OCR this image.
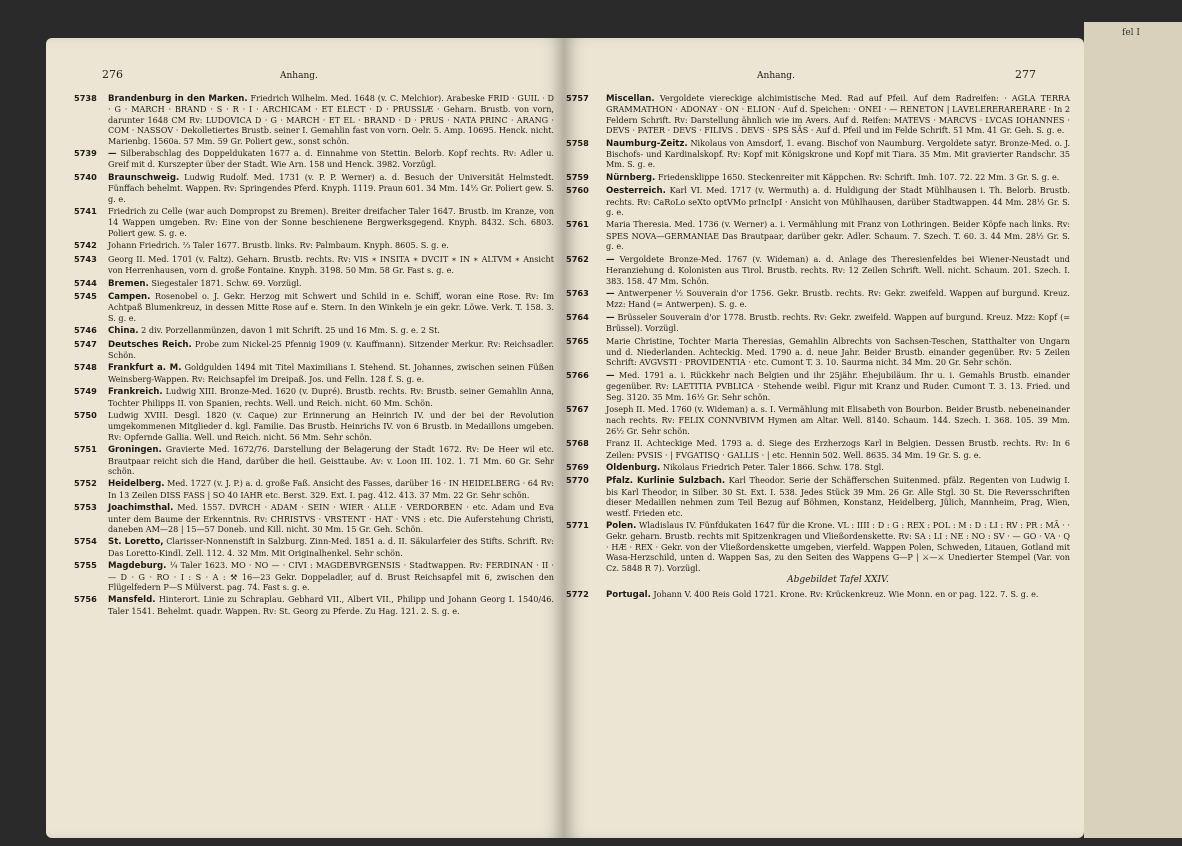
276	Anhang.
5738	Brandenburg in den Marken. Friedrich Wilhelm. Med. 1648 (v. C. Melchior). Arabeske FRID · GUIL · D · G · MARCH · BRAND · S · R · I · ARCHICAM · ET ELECT · D · PRUSSIÆ · Geharn. Brustb. von vorn, darunter 1648 CM Rv: LUDOVICA D · G · MARCH · ET EL · BRAND · D · PRUS · NATA PRINC · ARANG · COM · NASSOV · Dekolletiertes Brustb. seiner I. Gemahlin fast von vorn. Oelr. 5. Amp. 10695. Henck. nicht. Marienbg. 1560a. 57 Mm. 59 Gr. Poliert gew., sonst schön.
5739	— Silberabschlag des Doppeldukaten 1677 a. d. Einnahme von Stettin. Belorb. Kopf rechts. Rv: Adler u. Greif mit d. Kurszepter über der Stadt. Wie Arn. 158 und Henck. 3982. Vorzügl.
5740	Braunschweig. Ludwig Rudolf. Med. 1731 (v. P. P. Werner) a. d. Besuch der Universität Helmstedt. Fünffach behelmt. Wappen. Rv: Springendes Pferd. Knyph. 1119. Praun 601. 34 Mm. 14½ Gr. Poliert gew. S. g. e.
5741	Friedrich zu Celle (war auch Dompropst zu Bremen). Breiter dreifacher Taler 1647. Brustb. im Kranze, von 14 Wappen umgeben. Rv: Eine von der Sonne beschienene Bergwerksgegend. Knyph. 8432. Sch. 6803. Poliert gew. S. g. e.
5742	Johann Friedrich. ⅔ Taler 1677. Brustb. links. Rv: Palmbaum. Knyph. 8605. S. g. e.
5743	Georg II. Med. 1701 (v. Faltz). Geharn. Brustb. rechts. Rv: VIS ∗ INSITA ∗ DVCIT ∗ IN ∗ ALTVM ∗ Ansicht von Herrenhausen, vorn d. große Fontaine. Knyph. 3198. 50 Mm. 58 Gr. Fast s. g. e.
5744	Bremen. Siegestaler 1871. Schw. 69. Vorzügl.
5745	Campen. Rosenobel o. J. Gekr. Herzog mit Schwert und Schild in e. Schiff, woran eine Rose. Rv: Im Achtpaß Blumenkreuz, in dessen Mitte Rose auf e. Stern. In den Winkeln je ein gekr. Löwe. Verk. T. 158. 3. S. g. e.
5746	China. 2 div. Porzellanmünzen, davon 1 mit Schrift. 25 und 16 Mm. S. g. e. 2 St.
5747	Deutsches Reich. Probe zum Nickel-25 Pfennig 1909 (v. Kauffmann). Sitzender Merkur. Rv: Reichsadler. Schön.
5748	Frankfurt a. M. Goldgulden 1494 mit Titel Maximilians I. Stehend. St. Johannes, zwischen seinen Füßen Weinsberg-Wappen. Rv: Reichsapfel im Dreipaß. Jos. und Felln. 128 f. S. g. e.
5749	Frankreich. Ludwig XIII. Bronze-Med. 1620 (v. Dupré). Brustb. rechts. Rv: Brustb. seiner Gemahlin Anna, Tochter Philipps II. von Spanien, rechts. Well. und Reich. nicht. 60 Mm. Schön.
5750	Ludwig XVIII. Desgl. 1820 (v. Caque) zur Erinnerung an Heinrich IV. und der bei der Revolution umgekommenen Mitglieder d. kgl. Familie. Das Brustb. Heinrichs IV. von 6 Brustb. in Medaillons umgeben. Rv: Opfernde Gallia. Well. und Reich. nicht. 56 Mm. Sehr schön.
5751	Groningen. Gravierte Med. 1672/76. Darstellung der Belagerung der Stadt 1672. Rv: De Heer wil etc. Brautpaar reicht sich die Hand, darüber die heil. Geisttaube. Av: v. Loon III. 102. 1. 71 Mm. 60 Gr. Sehr schön.
5752	Heidelberg. Med. 1727 (v. J. P.) a. d. große Faß. Ansicht des Fasses, darüber 16 · IN HEIDELBERG · 64 Rv: In 13 Zeilen DISS FASS | SO 40 IAHR etc. Berst. 329. Ext. I. pag. 412. 413. 37 Mm. 22 Gr. Sehr schön.
5753	Joachimsthal. Med. 1557. DVRCH · ADAM · SEIN · WIER · ALLE · VERDORBEN · etc. Adam und Eva unter dem Baume der Erkenntnis. Rv: CHRISTVS · VRSTENT · HAT · VNS : etc. Die Auferstehung Christi, daneben AM—28 | 15—57 Doneb. und Kill. nicht. 30 Mm. 15 Gr. Geh. Schön.
5754	St. Loretto, Clarisser-Nonnenstift in Salzburg. Zinn-Med. 1851 a. d. II. Säkularfeier des Stifts. Schrift. Rv: Das Loretto-Kindl. Zell. 112. 4. 32 Mm. Mit Originalhenkel. Sehr schön.
5755	Magdeburg. ¼ Taler 1623. MO · NO — · CIVI : MAGDEBVRGENSIS · Stadtwappen. Rv: FERDINAN · II · — D · G · RO · I : S · A : ⚒ 16—23 Gekr. Doppeladler, auf d. Brust Reichsapfel mit 6, zwischen den Flügelfedern P—S Mülverst. pag. 74. Fast s. g. e.
5756	Mansfeld. Hinterort. Linie zu Schraplau. Gebhard VII., Albert VII., Philipp und Johann Georg I. 1540/46. Taler 1541. Behelmt. quadr. Wappen. Rv: St. Georg zu Pferde. Zu Hag. 121. 2. S. g. e.
Anhang.	277
5757	Miscellan. Vergoldete viereckige alchimistische Med. Rad auf Pfeil. Auf dem Radreifen: · AGLA TERRA GRAMMATHON · ADONAY · ON · ELION · Auf d. Speichen: · ONEI · — RENETON | LAVELERERARERARE · In 2 Feldern Schrift. Rv: Darstellung ähnlich wie im Avers. Auf d. Reifen: MATEVS · MARCVS · LVCAS IOHANNES · DEVS · PATER · DEVS · FILIVS . DEVS · SPS SĀS · Auf d. Pfeil und im Felde Schrift. 51 Mm. 41 Gr. Geh. S. g. e.
5758	Naumburg-Zeitz. Nikolaus von Amsdorf, 1. evang. Bischof von Naumburg. Vergoldete satyr. Bronze-Med. o. J. Bischofs- und Kardinalskopf. Rv: Kopf mit Königskrone und Kopf mit Tiara. 35 Mm. Mit gravierter Randschr. 35 Mm. S. g. e.
5759	Nürnberg. Friedensklippe 1650. Steckenreiter mit Käppchen. Rv: Schrift. Imh. 107. 72. 22 Mm. 3 Gr. S. g. e.
5760	Oesterreich. Karl VI. Med. 1717 (v. Wermuth) a. d. Huldigung der Stadt Mühlhausen i. Th. Belorb. Brustb. rechts. Rv: CaRoLo seXto optVMo prIncIpI · Ansicht von Mühlhausen, darüber Stadtwappen. 44 Mm. 28½ Gr. S. g. e.
5761	Maria Theresia. Med. 1736 (v. Werner) a. i. Vermählung mit Franz von Lothringen. Beider Köpfe nach links. Rv: SPES NOVA—GERMANIAE Das Brautpaar, darüber gekr. Adler. Schaum. 7. Szech. T. 60. 3. 44 Mm. 28½ Gr. S. g. e.
5762	— Vergoldete Bronze-Med. 1767 (v. Wideman) a. d. Anlage des Theresienfeldes bei Wiener-Neustadt und Heranziehung d. Kolonisten aus Tirol. Brustb. rechts. Rv: 12 Zeilen Schrift. Well. nicht. Schaum. 201. Szech. I. 383. 158. 47 Mm. Schön.
5763	— Antwerpener ½ Souverain d'or 1756. Gekr. Brustb. rechts. Rv: Gekr. zweifeld. Wappen auf burgund. Kreuz. Mzz: Hand (= Antwerpen). S. g. e.
5764	— Brüsseler Souverain d'or 1778. Brustb. rechts. Rv: Gekr. zweifeld. Wappen auf burgund. Kreuz. Mzz: Kopf (= Brüssel). Vorzügl.
5765	Marie Christine, Tochter Maria Theresias, Gemahlin Albrechts von Sachsen-Teschen, Statthalter von Ungarn und d. Niederlanden. Achteckig. Med. 1790 a. d. neue Jahr. Beider Brustb. einander gegenüber. Rv: 5 Zeilen Schrift: AVGVSTI · PROVIDENTIA · etc. Cumont T. 3. 10. Saurma nicht. 34 Mm. 20 Gr. Sehr schön.
5766	— Med. 1791 a. i. Rückkehr nach Belgien und ihr 25jähr. Ehejubiläum. Ihr u. i. Gemahls Brustb. einander gegenüber. Rv: LAETITIA PVBLICA · Stehende weibl. Figur mit Kranz und Ruder. Cumont T. 3. 13. Fried. und Seg. 3120. 35 Mm. 16½ Gr. Sehr schön.
5767	Joseph II. Med. 1760 (v. Wideman) a. s. I. Vermählung mit Elisabeth von Bourbon. Beider Brustb. nebeneinander nach rechts. Rv: FELIX CONNVBIVM Hymen am Altar. Well. 8140. Schaum. 144. Szech. I. 368. 105. 39 Mm. 26½ Gr. Sehr schön.
5768	Franz II. Achteckige Med. 1793 a. d. Siege des Erzherzogs Karl in Belgien. Dessen Brustb. rechts. Rv: In 6 Zeilen: PVSIS · | FVGATISQ · GALLIS · | etc. Hennin 502. Well. 8635. 34 Mm. 19 Gr. S. g. e.
5769	Oldenburg. Nikolaus Friedrich Peter. Taler 1866. Schw. 178. Stgl.
5770	Pfalz. Kurlinie Sulzbach. Karl Theodor. Serie der Schäfferschen Suitenmed. pfälz. Regenten von Ludwig I. bis Karl Theodor, in Silber. 30 St. Ext. I. 538. Jedes Stück 39 Mm. 26 Gr. Alle Stgl. 30 St. Die Reversschriften dieser Medaillen nehmen zum Teil Bezug auf Böhmen, Konstanz, Heidelberg, Jülich, Mannheim, Prag, Wien, westf. Frieden etc.
5771	Polen. Wladislaus IV. Fünfdukaten 1647 für die Krone. VL : IIII : D : G : REX : POL : M : D : LI : RV : PR : MĀ · · Gekr. geharn. Brustb. rechts mit Spitzenkragen und Vließordenskette. Rv: SA : LI : NE : NO : SV · — GO · VA · Q · HÆ · REX · Gekr. von der Vließordenskette umgeben, vierfeld. Wappen Polen, Schweden, Litauen, Gotland mit Wasa-Herzschild, unten d. Wappen Sas, zu den Seiten des Wappens G—P | ⚔—⚔ Unedierter Stempel (Var. von Cz. 5848 R 7). Vorzügl.
Abgebildet Tafel XXIV.
5772	Portugal. Johann V. 400 Reis Gold 1721. Krone. Rv: Krückenkreuz. Wie Monn. en or pag. 122. 7. S. g. e.
fel I
